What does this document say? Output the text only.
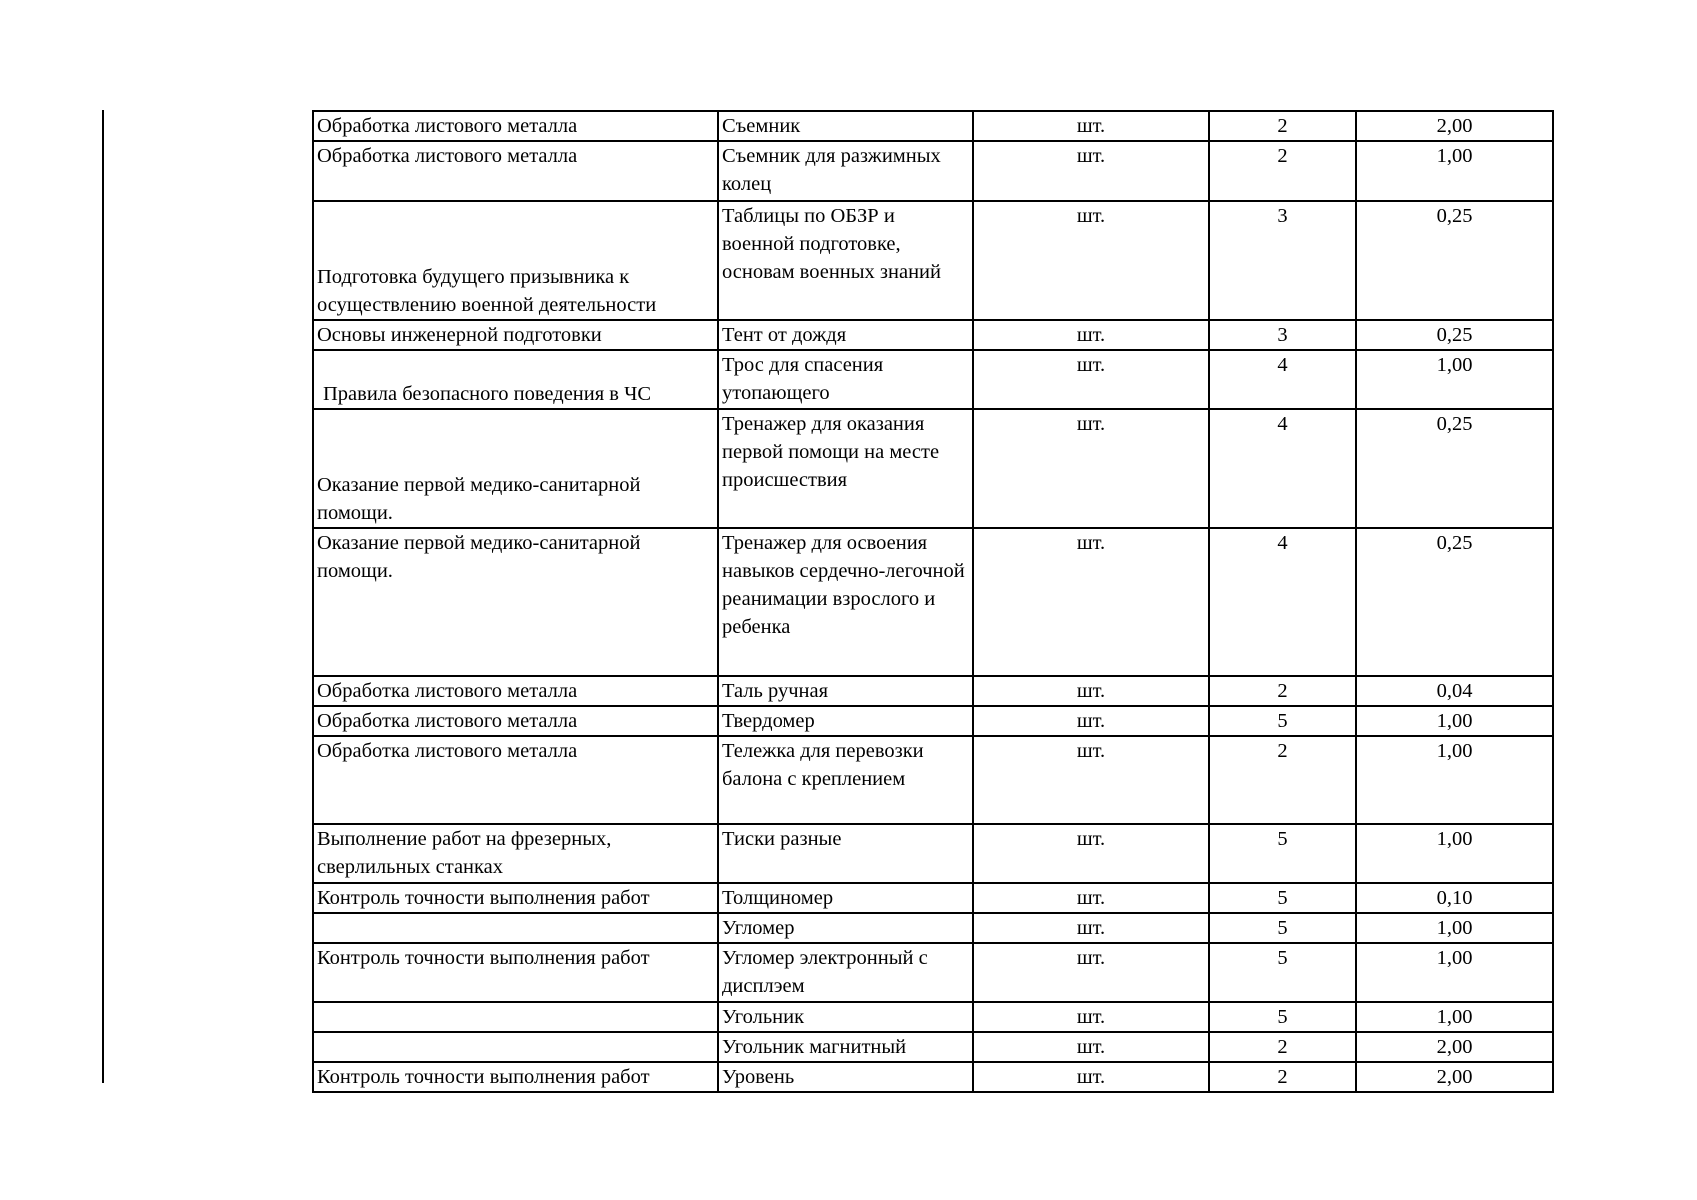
Обработка листового металла	Съемник	шт.	2	2,00
Обработка листового металла	Съемник для разжимных колец	шт.	2	1,00
Подготовка будущего призывника к осуществлению военной деятельности	Таблицы по ОБЗР и военной подготовке, основам военных знаний	шт.	3	0,25
Основы инженерной подготовки	Тент от дождя	шт.	3	0,25
Правила безопасного поведения в ЧС	Трос для спасения утопающего	шт.	4	1,00
Оказание первой медико-санитарной помощи.	Тренажер для оказания первой помощи на месте происшествия	шт.	4	0,25
Оказание первой медико-санитарной помощи.	Тренажер для освоения навыков сердечно-легочной реанимации взрослого и ребенка	шт.	4	0,25
Обработка листового металла	Таль ручная	шт.	2	0,04
Обработка листового металла	Твердомер	шт.	5	1,00
Обработка листового металла	Тележка для перевозки балона с креплением	шт.	2	1,00
Выполнение работ на фрезерных, сверлильных станках	Тиски разные	шт.	5	1,00
Контроль точности выполнения работ	Толщиномер	шт.	5	0,10
	Угломер	шт.	5	1,00
Контроль точности выполнения работ	Угломер электронный с дисплэем	шт.	5	1,00
	Угольник	шт.	5	1,00
	Угольник магнитный	шт.	2	2,00
Контроль точности выполнения работ	Уровень	шт.	2	2,00
